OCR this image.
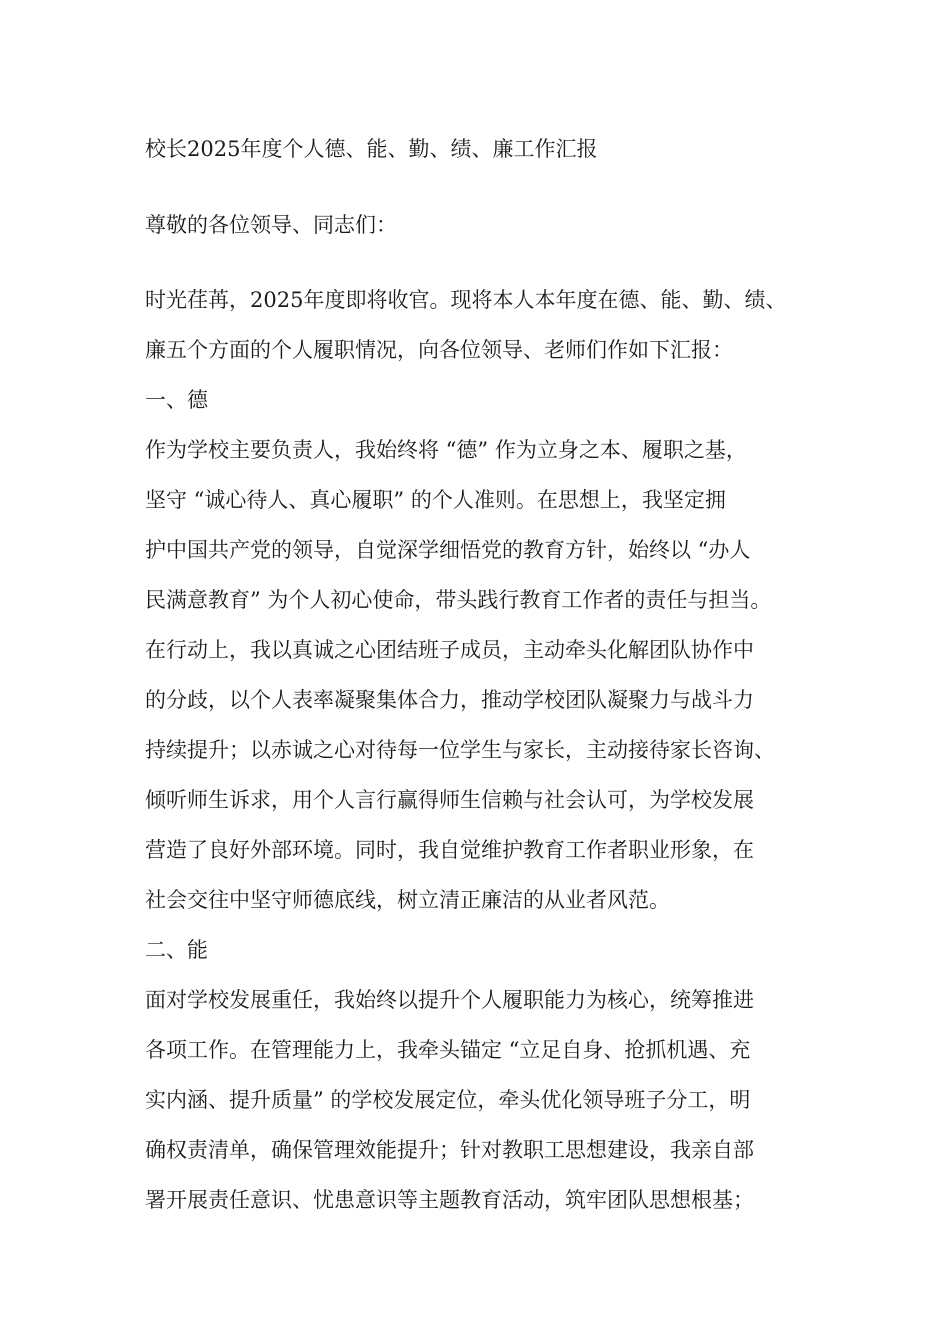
校长2025年度个人德、能、勤、绩、廉工作汇报
尊敬的各位领导、同志们：
时光荏苒，2025年度即将收官。现将本人本年度在德、能、勤、绩、
廉五个方面的个人履职情况，向各位领导、老师们作如下汇报：
一、德
作为学校主要负责人，我始终将 “德” 作为立身之本、履职之基，
坚守 “诚心待人、真心履职” 的个人准则。在思想上，我坚定拥
护中国共产党的领导，自觉深学细悟党的教育方针，始终以 “办人
民满意教育” 为个人初心使命，带头践行教育工作者的责任与担当。
在行动上，我以真诚之心团结班子成员，主动牵头化解团队协作中
的分歧，以个人表率凝聚集体合力，推动学校团队凝聚力与战斗力
持续提升；以赤诚之心对待每一位学生与家长，主动接待家长咨询、
倾听师生诉求，用个人言行赢得师生信赖与社会认可，为学校发展
营造了良好外部环境。同时，我自觉维护教育工作者职业形象，在
社会交往中坚守师德底线，树立清正廉洁的从业者风范。
二、能
面对学校发展重任，我始终以提升个人履职能力为核心，统筹推进
各项工作。在管理能力上，我牵头锚定 “立足自身、抢抓机遇、充
实内涵、提升质量” 的学校发展定位，牵头优化领导班子分工，明
确权责清单，确保管理效能提升；针对教职工思想建设，我亲自部
署开展责任意识、忧患意识等主题教育活动，筑牢团队思想根基；
